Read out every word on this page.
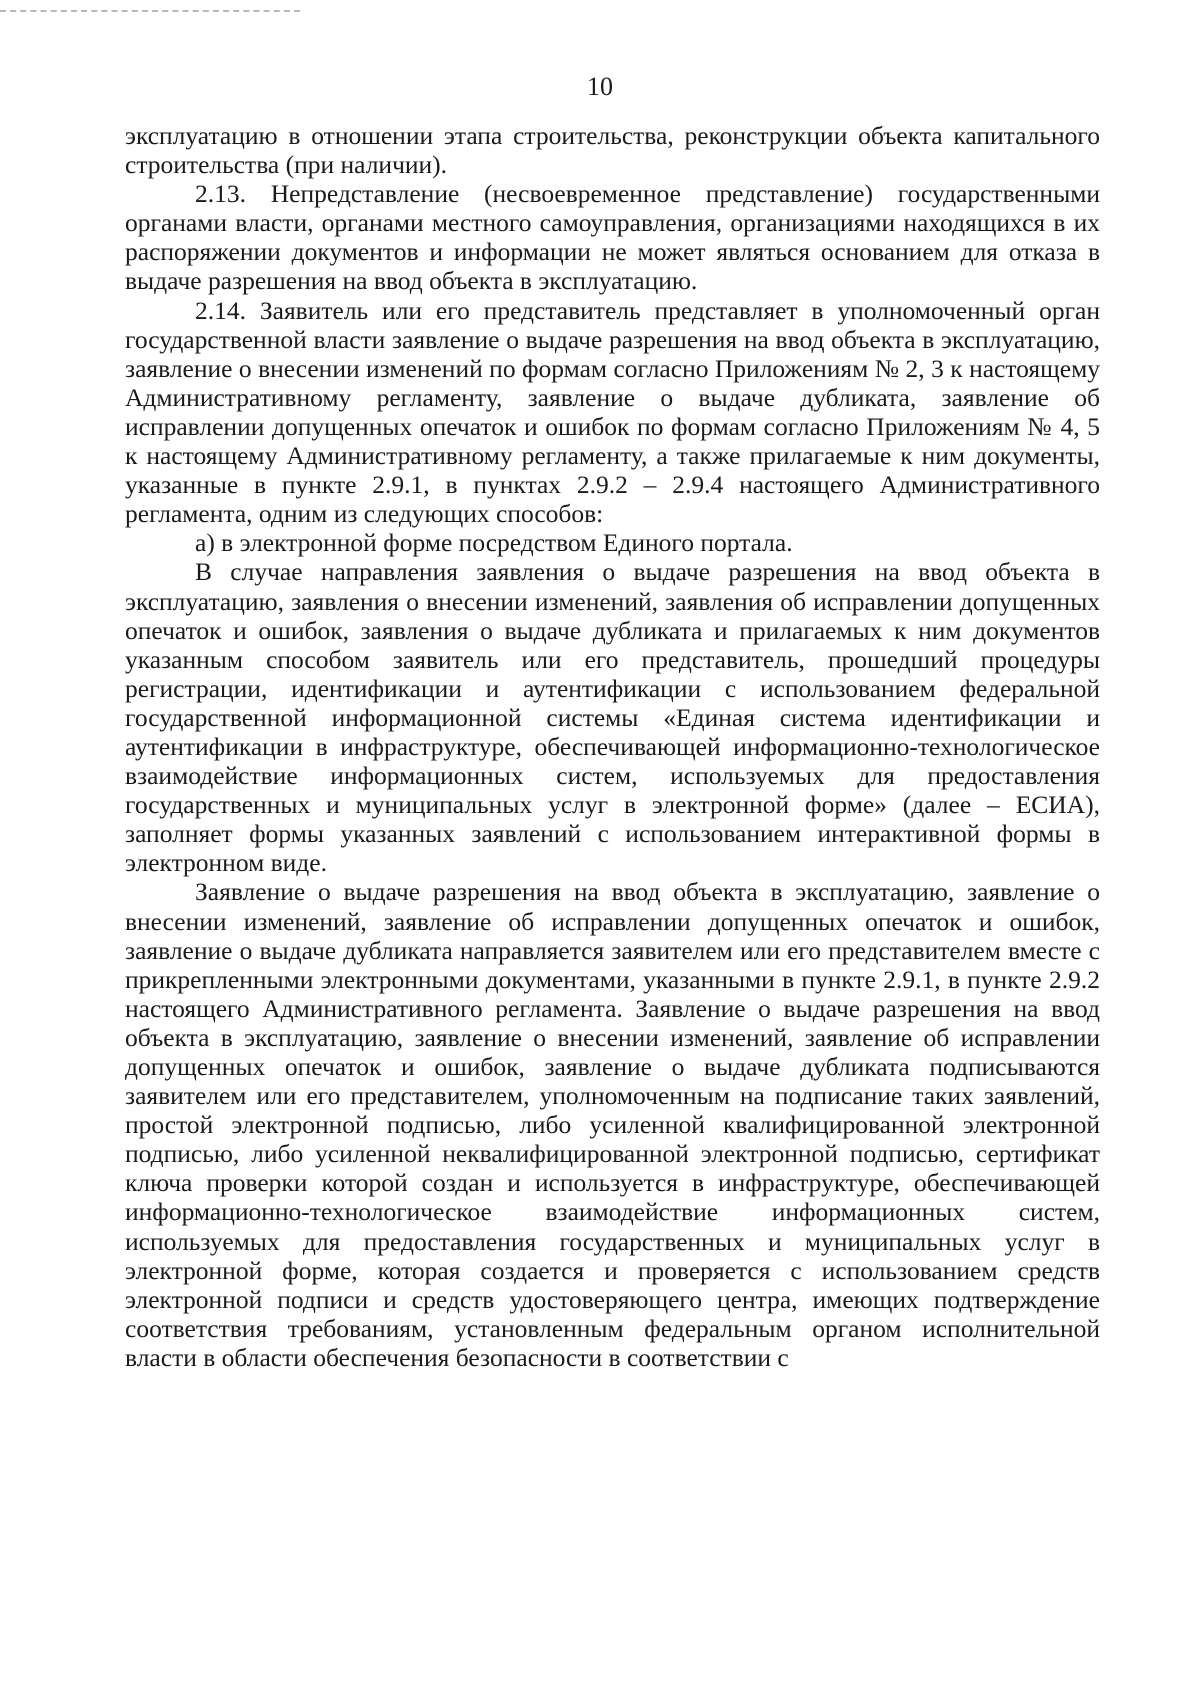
10

эксплуатацию в отношении этапа строительства, реконструкции объекта капитального строительства (при наличии).

2.13. Непредставление (несвоевременное представление) государственными органами власти, органами местного самоуправления, организациями находящихся в их распоряжении документов и информации не может являться основанием для отказа в выдаче разрешения на ввод объекта в эксплуатацию.

2.14. Заявитель или его представитель представляет в уполномоченный орган государственной власти заявление о выдаче разрешения на ввод объекта в эксплуатацию, заявление о внесении изменений по формам согласно Приложениям № 2, 3 к настоящему Административному регламенту, заявление о выдаче дубликата, заявление об исправлении допущенных опечаток и ошибок по формам согласно Приложениям № 4, 5 к настоящему Административному регламенту, а также прилагаемые к ним документы, указанные в пункте 2.9.1, в пунктах 2.9.2 – 2.9.4 настоящего Административного регламента, одним из следующих способов:

а) в электронной форме посредством Единого портала.

В случае направления заявления о выдаче разрешения на ввод объекта в эксплуатацию, заявления о внесении изменений, заявления об исправлении допущенных опечаток и ошибок, заявления о выдаче дубликата и прилагаемых к ним документов указанным способом заявитель или его представитель, прошедший процедуры регистрации, идентификации и аутентификации с использованием федеральной государственной информационной системы «Единая система идентификации и аутентификации в инфраструктуре, обеспечивающей информационно-технологическое взаимодействие информационных систем, используемых для предоставления государственных и муниципальных услуг в электронной форме» (далее – ЕСИА), заполняет формы указанных заявлений с использованием интерактивной формы в электронном виде.

Заявление о выдаче разрешения на ввод объекта в эксплуатацию, заявление о внесении изменений, заявление об исправлении допущенных опечаток и ошибок, заявление о выдаче дубликата направляется заявителем или его представителем вместе с прикрепленными электронными документами, указанными в пункте 2.9.1, в пункте 2.9.2 настоящего Административного регламента. Заявление о выдаче разрешения на ввод объекта в эксплуатацию, заявление о внесении изменений, заявление об исправлении допущенных опечаток и ошибок, заявление о выдаче дубликата подписываются заявителем или его представителем, уполномоченным на подписание таких заявлений, простой электронной подписью, либо усиленной квалифицированной электронной подписью, либо усиленной неквалифицированной электронной подписью, сертификат ключа проверки которой создан и используется в инфраструктуре, обеспечивающей информационно-технологическое взаимодействие информационных систем, используемых для предоставления государственных и муниципальных услуг в электронной форме, которая создается и проверяется с использованием средств электронной подписи и средств удостоверяющего центра, имеющих подтверждение соответствия требованиям, установленным федеральным органом исполнительной власти в области обеспечения безопасности в соответствии с
